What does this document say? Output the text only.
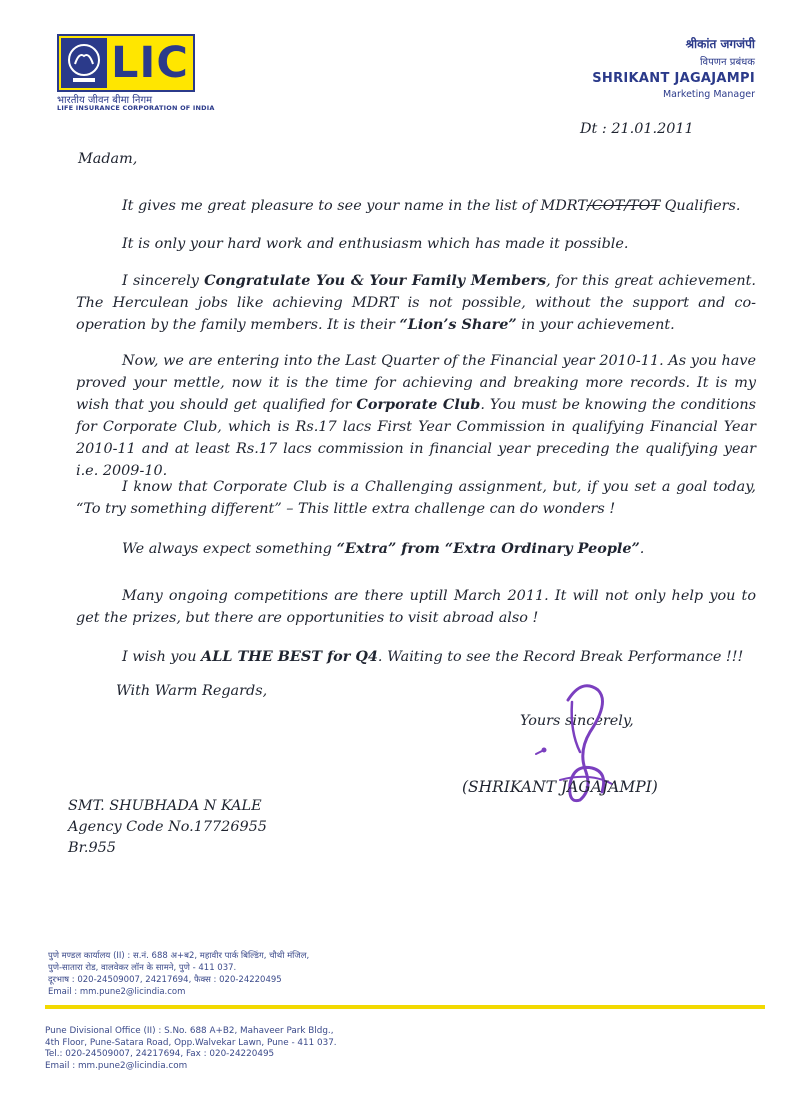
LIC
भारतीय जीवन बीमा निगम
LIFE INSURANCE CORPORATION OF INDIA
श्रीकांत जगजंपी
विपणन प्रबंधक
SHRIKANT JAGAJAMPI
Marketing Manager
Dt : 21.01.2011
Madam,
It gives me great pleasure to see your name in the list of MDRT/COT/TOT Qualifiers.
It is only your hard work and enthusiasm which has made it possible.
I sincerely Congratulate You & Your Family Members, for this great achievement. The Herculean jobs like achieving MDRT is not possible, without the support and co-operation by the family members. It is their “Lion’s Share” in your achievement.
Now, we are entering into the Last Quarter of the Financial year 2010-11. As you have proved your mettle, now it is the time for achieving and breaking more records. It is my wish that you should get qualified for Corporate Club. You must be knowing the conditions for Corporate Club, which is Rs.17 lacs First Year Commission in qualifying Financial Year 2010-11 and at least Rs.17 lacs commission in financial year preceding the qualifying year i.e. 2009-10.
I know that Corporate Club is a Challenging assignment, but, if you set a goal today, “To try something different” – This little extra challenge can do wonders !
We always expect something “Extra” from “Extra Ordinary People”.
Many ongoing competitions are there uptill March 2011. It will not only help you to get the prizes, but there are opportunities to visit abroad also !
I wish you ALL THE BEST for Q4. Waiting to see the Record Break Performance !!!
With Warm Regards,
Yours sincerely,
(SHRIKANT JAGAJAMPI)
SMT. SHUBHADA N KALE
Agency Code No.17726955
Br.955
पुणे मण्डल कार्यालय (II) : स.नं. 688 अ+ब2, महावीर पार्क बिल्डिंग, चौथी मंजिल,
पुणे-सातारा रोड, वालवेकर लॉन के सामने, पुणे - 411 037.
दूरभाष : 020-24509007, 24217694, फैक्स : 020-24220495
Email : mm.pune2@licindia.com
Pune Divisional Office (II) : S.No. 688 A+B2, Mahaveer Park Bldg.,
4th Floor, Pune-Satara Road, Opp.Walvekar Lawn, Pune - 411 037.
Tel.: 020-24509007, 24217694, Fax : 020-24220495
Email : mm.pune2@licindia.com
